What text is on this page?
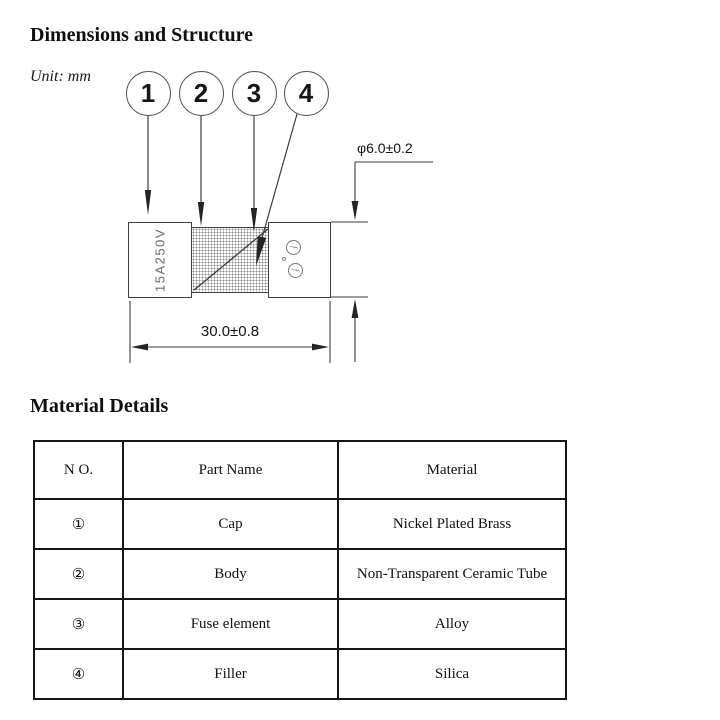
Dimensions and Structure
Unit: mm
1	2	3	4
15A250V	ƒ
ƒ
φ6.0±0.2
30.0±0.8
Material Details
N O.	Part Name	Material
①	Cap	Nickel Plated Brass
②	Body	Non-Transparent Ceramic Tube
③	Fuse element	Alloy
④	Filler	Silica
